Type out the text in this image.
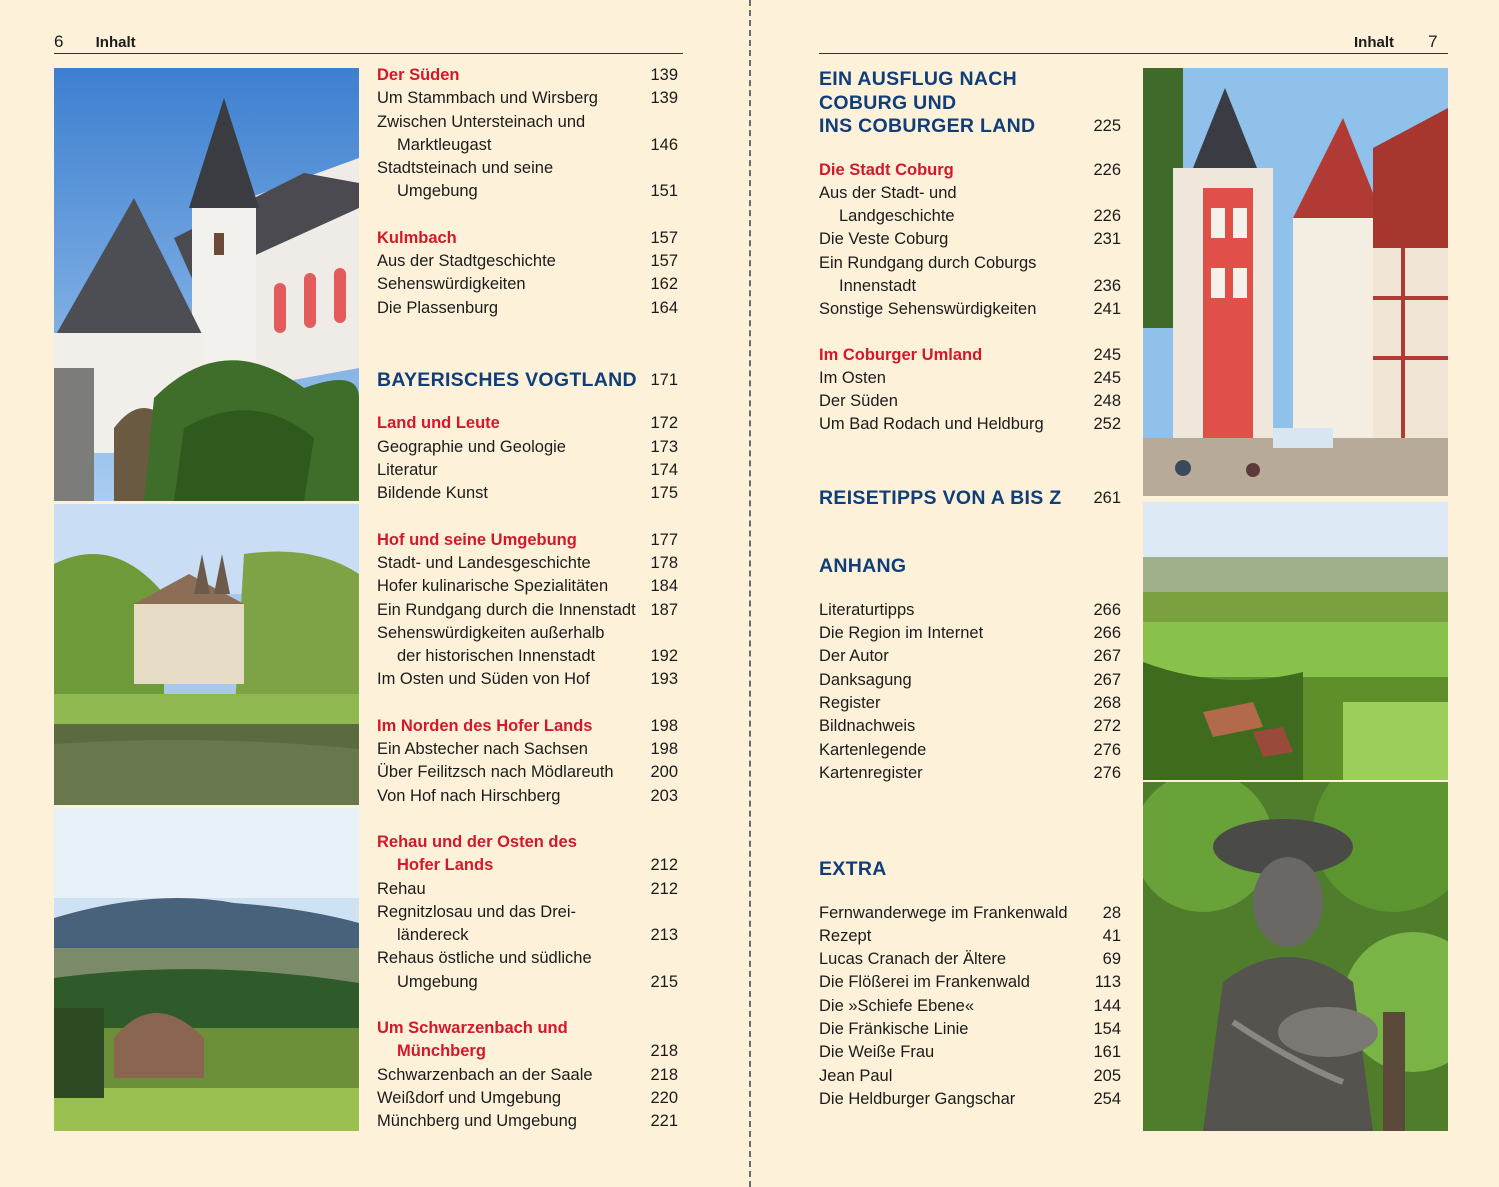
6 Inhalt
Der Süden	139
Um Stammbach und Wirsberg	139
Zwischen Untersteinach und
Marktleugast	146
Stadtsteinach und seine
Umgebung	151
Kulmbach	157
Aus der Stadtgeschichte	157
Sehenswürdigkeiten	162
Die Plassenburg	164
BAYERISCHES VOGTLAND 171
Land und Leute	172
Geographie und Geologie	173
Literatur	174
Bildende Kunst	175
Hof und seine Umgebung	177
Stadt- und Landesgeschichte	178
Hofer kulinarische Spezialitäten	184
Ein Rundgang durch die Innenstadt 187
Sehenswürdigkeiten außerhalb
der historischen Innenstadt	192
Im Osten und Süden von Hof	193
Im Norden des Hofer Lands	198
Ein Abstecher nach Sachsen	198
Über Feilitzsch nach Mödlareuth	200
Von Hof nach Hirschberg	203
Rehau und der Osten des
Hofer Lands	212
Rehau	212
Regnitzlosau und das Drei-
ländereck	213
Rehaus östliche und südliche
Umgebung	215
Um Schwarzenbach und
Münchberg	218
Schwarzenbach an der Saale	218
Weißdorf und Umgebung	220
Münchberg und Umgebung	221
Inhalt 7
EIN AUSFLUG NACH
COBURG UND
INS COBURGER LAND	225
Die Stadt Coburg	226
Aus der Stadt- und
Landgeschichte	226
Die Veste Coburg	231
Ein Rundgang durch Coburgs
Innenstadt	236
Sonstige Sehenswürdigkeiten	241
Im Coburger Umland	245
Im Osten	245
Der Süden	248
Um Bad Rodach und Heldburg	252
REISETIPPS VON A BIS Z	261
ANHANG
Literaturtipps	266
Die Region im Internet	266
Der Autor	267
Danksagung	267
Register	268
Bildnachweis	272
Kartenlegende	276
Kartenregister	276
EXTRA
Fernwanderwege im Frankenwald	28
Rezept	41
Lucas Cranach der Ältere	69
Die Flößerei im Frankenwald	113
Die »Schiefe Ebene«	144
Die Fränkische Linie	154
Die Weiße Frau	161
Jean Paul	205
Die Heldburger Gangschar	254
